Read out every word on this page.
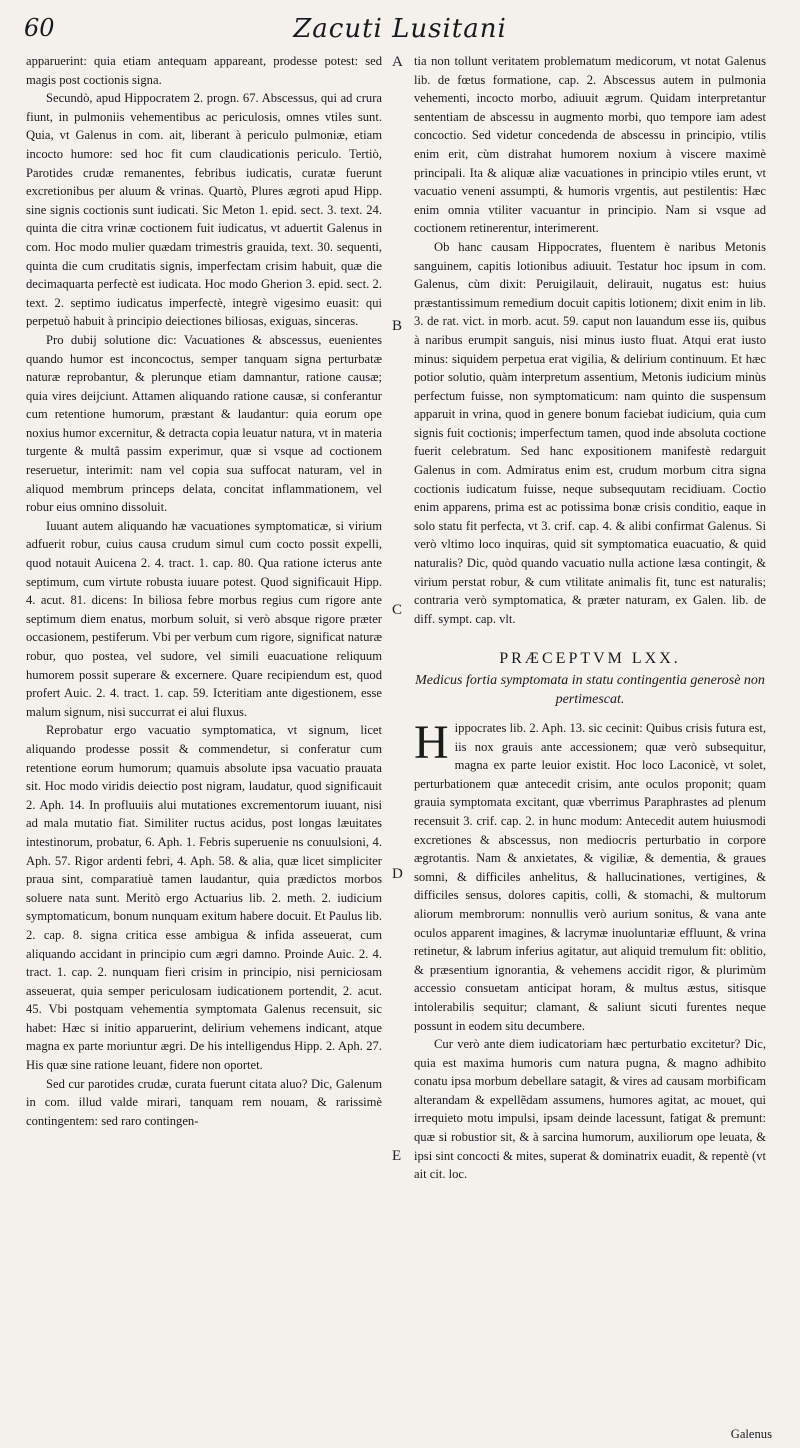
60	Zacuti Lusitani

apparuerint: quia etiam antequam appareant, prodesse potest: sed magis post coctionis signa.

Secundò, apud Hippocratem 2. progn. 67. Abscessus, qui ad crura fiunt, in pulmoniis vehementibus ac periculosis, omnes vtiles sunt. Quia, vt Galenus in com. ait, liberant à periculo pulmoniæ, etiam incocto humore: sed hoc fit cum claudicationis periculo. Tertiò, Parotides crudæ remanentes, febribus iudicatis, curatæ fuerunt excretionibus per aluum & vrinas. Quartò, Plures ægroti apud Hipp. sine signis coctionis sunt iudicati. Sic Meton 1. epid. sect. 3. text. 24. quinta die citra vrinæ coctionem fuit iudicatus, vt aduertit Galenus in com. Hoc modo mulier quædam trimestris grauida, text. 30. sequenti, quinta die cum cruditatis signis, imperfectam crisim habuit, quæ die decimaquarta perfectè est iudicata. Hoc modo Gherion 3. epid. sect. 2. text. 2. septimo iudicatus imperfectè, integrè vigesimo euasit: qui perpetuò habuit à principio deiectiones biliosas, exiguas, sinceras.

Pro dubij solutione dic: Vacuationes & abscessus, euenientes quando humor est inconcoctus, semper tanquam signa perturbatæ naturæ reprobantur, & plerunque etiam damnantur, ratione causæ; quia vires deijciunt. Attamen aliquando ratione causæ, si conferantur cum retentione humorum, præstant & laudantur: quia eorum ope noxius humor excernitur, & detracta copia leuatur natura, vt in materia turgente & multâ passim experimur, quæ si vsque ad coctionem reseruetur, interimit: nam vel copia sua suffocat naturam, vel in aliquod membrum princeps delata, concitat inflammationem, vel robur eius omnino dissoluit.

Iuuant autem aliquando hæ vacuationes symptomaticæ, si virium adfuerit robur, cuius causa crudum simul cum cocto possit expelli, quod notauit Auicena 2. 4. tract. 1. cap. 80. Qua ratione icterus ante septimum, cum virtute robusta iuuare potest. Quod significauit Hipp. 4. acut. 81. dicens: In biliosa febre morbus regius cum rigore ante septimum diem enatus, morbum soluit, si verò absque rigore præter occasionem, pestiferum. Vbi per verbum cum rigore, significat naturæ robur, quo postea, vel sudore, vel simili euacuatione reliquum humorem possit superare & excernere. Quare recipiendum est, quod profert Auic. 2. 4. tract. 1. cap. 59. Icteritiam ante digestionem, esse malum signum, nisi succurrat ei alui fluxus.

Reprobatur ergo vacuatio symptomatica, vt signum, licet aliquando prodesse possit & commendetur, si conferatur cum retentione eorum humorum; quamuis absolute ipsa vacuatio prauata sit. Hoc modo viridis deiectio post nigram, laudatur, quod significauit 2. Aph. 14. In profluuiis alui mutationes excrementorum iuuant, nisi ad mala mutatio fiat. Similiter ructus acidus, post longas læuitates intestinorum, probatur, 6. Aph. 1. Febris superuenie ns conuulsioni, 4. Aph. 57. Rigor ardenti febri, 4. Aph. 58. & alia, quæ licet simpliciter praua sint, comparatiuè tamen laudantur, quia prædictos morbos soluere nata sunt. Meritò ergo Actuarius lib. 2. meth. 2. iudicium symptomaticum, bonum nunquam exitum habere docuit. Et Paulus lib. 2. cap. 8. signa critica esse ambigua & infida asseuerat, cum aliquando accidant in principio cum ægri damno. Proinde Auic. 2. 4. tract. 1. cap. 2. nunquam fieri crisim in principio, nisi perniciosam asseuerat, quia semper periculosam iudicationem portendit, 2. acut. 45. Vbi postquam vehementia symptomata Galenus recensuit, sic habet: Hæc si initio apparuerint, delirium vehemens indicant, atque magna ex parte moriuntur ægri. De his intelligendus Hipp. 2. Aph. 27. His quæ sine ratione leuant, fidere non oportet.

Sed cur parotides crudæ, curata fuerunt citata aluo? Dic, Galenum in com. illud valde mirari, tanquam rem nouam, & rarissimè contingentem: sed raro contingen-

A
B
C
D
E

tia non tollunt veritatem problematum medicorum, vt notat Galenus lib. de fœtus formatione, cap. 2. Abscessus autem in pulmonia vehementi, incocto morbo, adiuuit ægrum. Quidam interpretantur sententiam de abscessu in augmento morbi, quo tempore iam adest concoctio. Sed videtur concedenda de abscessu in principio, vtilis enim erit, cùm distrahat humorem noxium à viscere maximè principali. Ita & aliquæ aliæ vacuationes in principio vtiles erunt, vt vacuatio veneni assumpti, & humoris vrgentis, aut pestilentis: Hæc enim omnia vtiliter vacuantur in principio. Nam si vsque ad coctionem retinerentur, interimerent.

Ob hanc causam Hippocrates, fluentem è naribus Metonis sanguinem, capitis lotionibus adiuuit. Testatur hoc ipsum in com. Galenus, cùm dixit: Peruigilauit, delirauit, nugatus est: huius præstantissimum remedium docuit capitis lotionem; dixit enim in lib. 3. de rat. vict. in morb. acut. 59. caput non lauandum esse iis, quibus à naribus erumpit sanguis, nisi minus iusto fluat. Atqui erat iusto minus: siquidem perpetua erat vigilia, & delirium continuum. Et hæc potior solutio, quàm interpretum assentium, Metonis iudicium minùs perfectum fuisse, non symptomaticum: nam quinto die suspensum apparuit in vrina, quod in genere bonum faciebat iudicium, quia cum signis fuit coctionis; imperfectum tamen, quod inde absoluta coctione fuerit celebratum. Sed hanc expositionem manifestè redarguit Galenus in com. Admiratus enim est, crudum morbum citra signa coctionis iudicatum fuisse, neque subsequutam recidiuam. Coctio enim apparens, prima est ac potissima bonæ crisis conditio, eaque in solo statu fit perfecta, vt 3. crif. cap. 4. & alibi confirmat Galenus. Si verò vltimo loco inquiras, quid sit symptomatica euacuatio, & quid naturalis? Dic, quòd quando vacuatio nulla actione læsa contingit, & virium perstat robur, & cum vtilitate animalis fit, tunc est naturalis; contraria verò symptomatica, & præter naturam, ex Galen. lib. de diff. sympt. cap. vlt.

PRÆCEPTVM LXX.
Medicus fortia symptomata in statu contingentia generosè non pertimescat.

Hippocrates lib. 2. Aph. 13. sic cecinit: Quibus crisis futura est, iis nox grauis ante accessionem; quæ verò subsequitur, magna ex parte leuior existit. Hoc loco Laconicè, vt solet, perturbationem quæ antecedit crisim, ante oculos proponit; quam grauia symptomata excitant, quæ vberrimus Paraphrastes ad plenum recensuit 3. crif. cap. 2. in hunc modum: Antecedit autem huiusmodi excretiones & abscessus, non mediocris perturbatio in corpore ægrotantis. Nam & anxietates, & vigiliæ, & dementia, & graues somni, & difficiles anhelitus, & hallucinationes, vertigines, & difficiles sensus, dolores capitis, colli, & stomachi, & multorum aliorum membrorum: nonnullis verò aurium sonitus, & vana ante oculos apparent imagines, & lacrymæ inuoluntariæ effluunt, & vrina retinetur, & labrum inferius agitatur, aut aliquid tremulum fit: oblitio, & præsentium ignorantia, & vehemens accidit rigor, & plurimùm accessio consuetam anticipat horam, & multus æstus, sitisque intolerabilis sequitur; clamant, & saliunt sicuti furentes neque possunt in eodem situ decumbere.

Cur verò ante diem iudicatoriam hæc perturbatio excitetur? Dic, quia est maxima humoris cum natura pugna, & magno adhibito conatu ipsa morbum debellare satagit, & vires ad causam morbificam alterandam & expellẽdam assumens, humores agitat, ac mouet, qui irrequieto motu impulsi, ipsam deinde lacessunt, fatigat & premunt: quæ si robustior sit, & à sarcina humorum, auxiliorum ope leuata, & ipsi sint concocti & mites, superat & dominatrix euadit, & repentè (vt ait cit. loc.

Galenus
